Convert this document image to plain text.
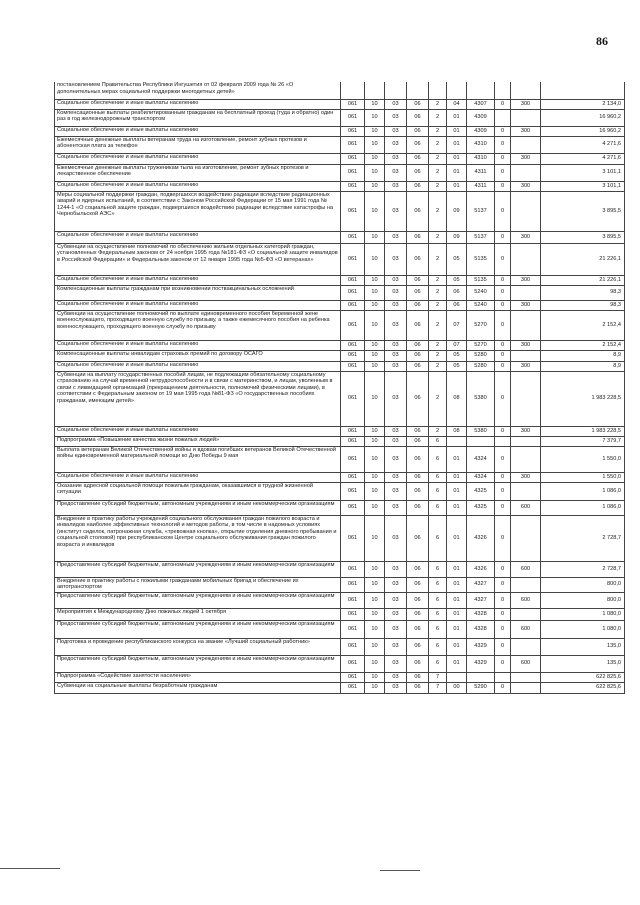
86
постановлением Правительства Республики Ингушетия от 02 февраля 2009 года № 26 «О дополнительных мерах социальной поддержки многодетных детей»										
Социальное обеспечение и иные выплаты населению	061	10	03	06	2	04	4307	0	300	2 134,0
Компенсационные выплаты реабилитированным гражданам на бесплатный проезд (туда и обратно) один раз в год железнодорожным транспортом	061	10	03	06	2	01	4309			16 960,2
Социальное обеспечение и иные выплаты населению	061	10	03	06	2	01	4309	0	300	16 960,2
Ежемесячные денежные выплаты ветеранам труда на изготовление, ремонт зубных протезов и абонентская плата за телефон	061	10	03	06	2	01	4310	0		4 271,6
Социальное обеспечение и иные выплаты населению	061	10	03	06	2	01	4310	0	300	4 271,6
Ежемесячные денежные выплаты труженикам тыла на изготовление, ремонт зубных протезов и лекарственное обеспечение	061	10	03	06	2	01	4311	0		3 101,1
Социальное обеспечение и иные выплаты населению	061	10	03	06	2	01	4311	0	300	3 101,1
Меры социальной поддержки граждан, подвергшихся воздействию радиации вследствие радиационных аварий и ядерных испытаний, в соответствии с Законом Российской Федерации от 15 мая 1991 года № 1244-1 «О социальной защите граждан, подвергшихся воздействию радиации вследствие катастрофы на Чернобыльской АЭС»	061	10	03	06	2	09	5137	0		3 895,5
Социальное обеспечение и иные выплаты населению	061	10	03	06	2	09	5137	0	300	3 895,5
Субвенции на осуществление полномочий по обеспечению жильем отдельных категорий граждан, установленных Федеральным законом от 24 ноября 1995 года №181-ФЗ «О социальной защите инвалидов в Российской Федерации» и Федеральным законом от 12 января 1995 года №5-ФЗ «О ветеранах»	061	10	03	06	2	05	5135	0		21 226,1
Социальное обеспечение и иные выплаты населению	061	10	03	06	2	05	5135	0	300	21 226,1
Компенсационные выплаты гражданам при возникновении поствакцинальных осложнений	061	10	03	06	2	06	5240	0		98,3
Социальное обеспечение и иные выплаты населению	061	10	03	06	2	06	5240	0	300	98,3
Субвенции на осуществление полномочий по выплате единовременного пособия беременной жене военнослужащего, проходящего военную службу по призыву, а также ежемесячного пособия на ребенка военнослужащего, проходящего военную службу по призыву	061	10	03	06	2	07	5270	0		2 152,4
Социальное обеспечение и иные выплаты населению	061	10	03	06	2	07	5270	0	300	2 152,4
Компенсационные выплаты инвалидам страховых премий по договору ОСАГО	061	10	03	06	2	05	5280	0		8,9
Социальное обеспечение и иные выплаты населению	061	10	03	06	2	05	5280	0	300	8,9
Субвенции на выплату государственных пособий лицам, не подлежащим обязательному социальному страхованию на случай временной нетрудоспособности и в связи с материнством, и лицам, уволенным в связи с ликвидацией организаций (прекращением деятельности, полномочий физическими лицами), в соответствии с Федеральным законом от 19 мая 1995 года №81-ФЗ «О государственных пособиях гражданам, имеющим детей»	061	10	03	06	2	08	5380	0		1 983 228,5
Социальное обеспечение и иные выплаты населению	061	10	03	06	2	08	5380	0	300	1 983 228,5
Подпрограмма «Повышение качества жизни пожилых людей»	061	10	03	06	6					7 379,7
Выплата ветеранам Великой Отечественной войны и вдовам погибших ветеранов Великой Отечественной войны единовременной материальной помощи ко Дню Победы 9 мая	061	10	03	06	6	01	4324	0		1 550,0
Социальное обеспечение и иные выплаты населению	061	10	03	06	6	01	4324	0	300	1 550,0
Оказание адресной социальной помощи пожилым гражданам, оказавшимся в трудной жизненной ситуации	061	10	03	06	6	01	4325	0		1 086,0
Предоставление субсидий бюджетным, автономным учреждениям и иным некоммерческим организациям	061	10	03	06	6	01	4325	0	600	1 086,0
Внедрение в практику работы учреждений социального обслуживания граждан пожилого возраста и инвалидов наиболее эффективных технологий и методов работы, в том числе в надомных условиях (институт сиделок, патронажная служба, «тревожная кнопка», открытие отделения дневного пребывания и социальной столовой) при республиканском Центре социального обслуживания граждан пожилого возраста и инвалидов	061	10	03	06	6	01	4326	0		2 728,7
Предоставление субсидий бюджетным, автономным учреждениям и иным некоммерческим организациям	061	10	03	06	6	01	4326	0	600	2 728,7
Внедрение в практику работы с пожилыми гражданами мобильных бригад и обеспечение их автотранспортом	061	10	03	06	6	01	4327	0		800,0
Предоставление субсидий бюджетным, автономным учреждениям и иным некоммерческим организациям	061	10	03	06	6	01	4327	0	600	800,0
Мероприятия к Международному Дню пожилых людей 1 октября	061	10	03	06	6	01	4328	0		1 080,0
Предоставление субсидий бюджетным, автономным учреждениям и иным некоммерческим организациям	061	10	03	06	6	01	4328	0	600	1 080,0
Подготовка и проведение республиканского конкурса на звание «Лучший социальный работник»	061	10	03	06	6	01	4329	0		135,0
Предоставление субсидий бюджетным, автономным учреждениям и иным некоммерческим организациям	061	10	03	06	6	01	4329	0	600	135,0
Подпрограмма «Содействие занятости населения»	061	10	03	06	7					622 825,6
Субвенции на социальные выплаты безработным гражданам	061	10	03	06	7	00	5290	0		622 825,6
